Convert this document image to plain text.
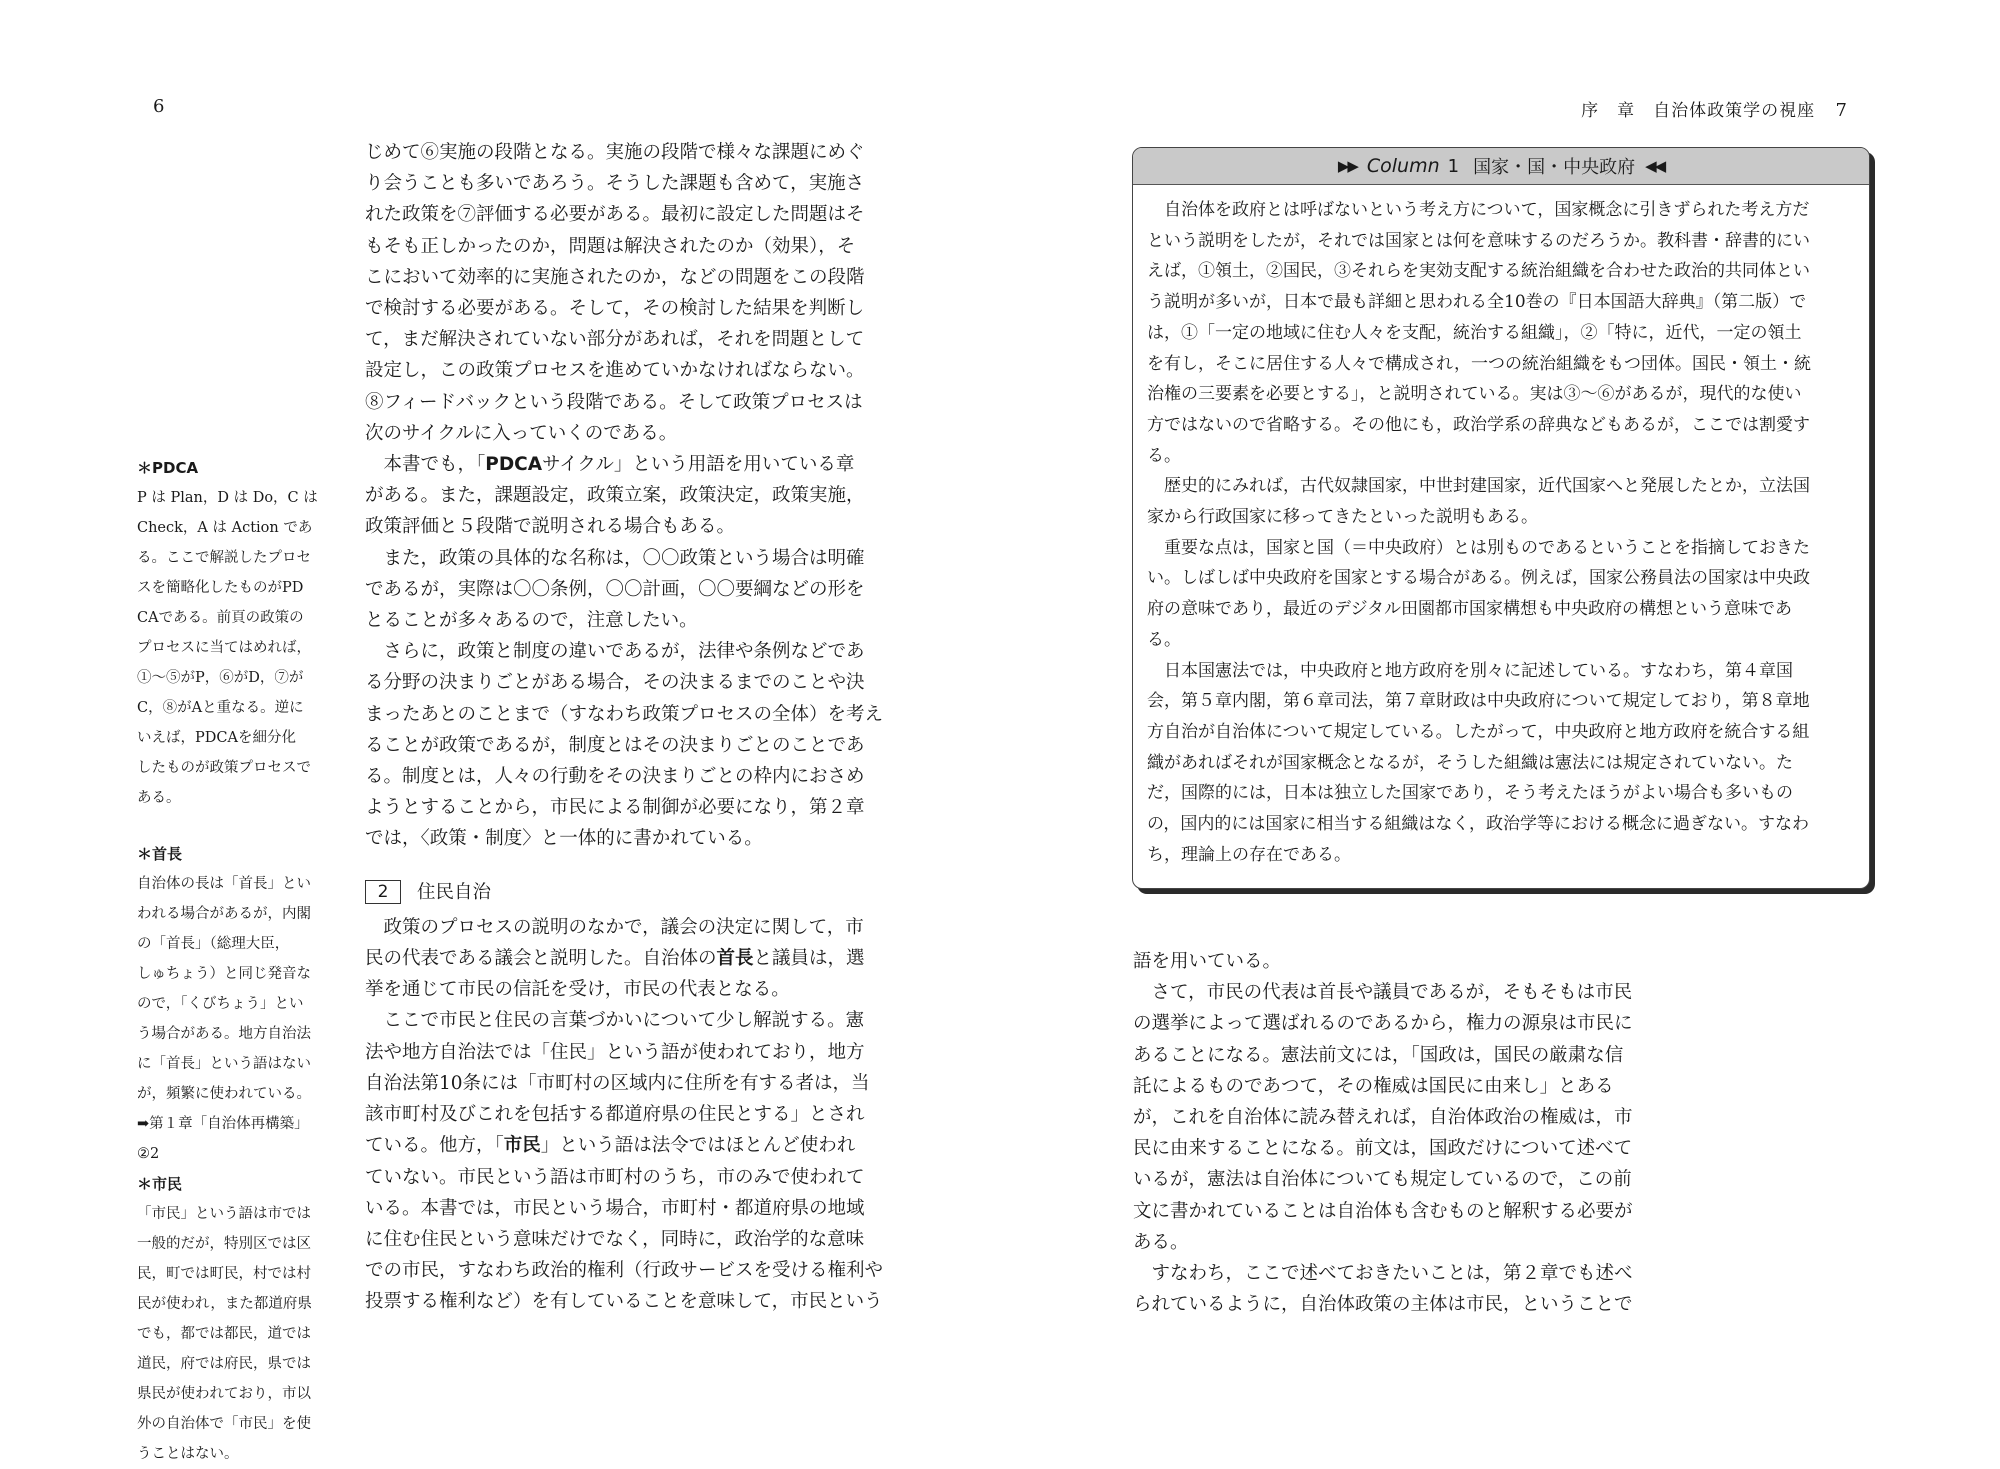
6	序　章　自治体政策学の視座 7
＊PDCA
P は Plan，D は Do，C は
Check，A は Action であ
る。ここで解説したプロセ
スを簡略化したものがPD
CAである。前頁の政策の
プロセスに当てはめれば，
①〜⑤がP，⑥がD，⑦が
C，⑧がAと重なる。逆に
いえば，PDCAを細分化
したものが政策プロセスで
ある。
＊首長
自治体の長は「首長」とい
われる場合があるが，内閣
の「首長」（総理大臣，
しゅちょう）と同じ発音な
ので，「くびちょう」とい
う場合がある。地方自治法
に「首長」という語はない
が，頻繁に使われている。
➡第１章「自治体再構築」
②2
＊市民
「市民」という語は市では
一般的だが，特別区では区
民，町では町民，村では村
民が使われ，また都道府県
でも，都では都民，道では
道民，府では府民，県では
県民が使われており，市以
外の自治体で「市民」を使
うことはない。
じめて⑥実施の段階となる。実施の段階で様々な課題にめぐ
り会うことも多いであろう。そうした課題も含めて，実施さ
れた政策を⑦評価する必要がある。最初に設定した問題はそ
もそも正しかったのか，問題は解決されたのか（効果），そ
こにおいて効率的に実施されたのか，などの問題をこの段階
で検討する必要がある。そして，その検討した結果を判断し
て，まだ解決されていない部分があれば，それを問題として
設定し，この政策プロセスを進めていかなければならない。
⑧フィードバックという段階である。そして政策プロセスは
次のサイクルに入っていくのである。
　本書でも，「PDCAサイクル」という用語を用いている章
がある。また，課題設定，政策立案，政策決定，政策実施，
政策評価と５段階で説明される場合もある。
　また，政策の具体的な名称は，〇〇政策という場合は明確
であるが，実際は〇〇条例，〇〇計画，〇〇要綱などの形を
とることが多々あるので，注意したい。
　さらに，政策と制度の違いであるが，法律や条例などであ
る分野の決まりごとがある場合，その決まるまでのことや決
まったあとのことまで（すなわち政策プロセスの全体）を考え
ることが政策であるが，制度とはその決まりごとのことであ
る。制度とは，人々の行動をその決まりごとの枠内におさめ
ようとすることから，市民による制御が必要になり，第２章
では，〈政策・制度〉と一体的に書かれている。
2	住民自治
　政策のプロセスの説明のなかで，議会の決定に関して，市
民の代表である議会と説明した。自治体の首長と議員は，選
挙を通じて市民の信託を受け，市民の代表となる。
　ここで市民と住民の言葉づかいについて少し解説する。憲
法や地方自治法では「住民」という語が使われており，地方
自治法第10条には「市町村の区域内に住所を有する者は，当
該市町村及びこれを包括する都道府県の住民とする」とされ
ている。他方，「市民」という語は法令ではほとんど使われ
ていない。市民という語は市町村のうち，市のみで使われて
いる。本書では，市民という場合，市町村・都道府県の地域
に住む住民という意味だけでなく，同時に，政治学的な意味
での市民，すなわち政治的権利（行政サービスを受ける権利や
投票する権利など）を有していることを意味して，市民という
▶▶ Column 1 国家・国・中央政府 ◀◀
　自治体を政府とは呼ばないという考え方について，国家概念に引きずられた考え方だ
という説明をしたが，それでは国家とは何を意味するのだろうか。教科書・辞書的にい
えば，①領土，②国民，③それらを実効支配する統治組織を合わせた政治的共同体とい
う説明が多いが，日本で最も詳細と思われる全10巻の『日本国語大辞典』（第二版）で
は，①「一定の地域に住む人々を支配，統治する組織」，②「特に，近代，一定の領土
を有し，そこに居住する人々で構成され，一つの統治組織をもつ団体。国民・領土・統
治権の三要素を必要とする」，と説明されている。実は③〜⑥があるが，現代的な使い
方ではないので省略する。その他にも，政治学系の辞典などもあるが，ここでは割愛す
る。
　歴史的にみれば，古代奴隷国家，中世封建国家，近代国家へと発展したとか，立法国
家から行政国家に移ってきたといった説明もある。
　重要な点は，国家と国（＝中央政府）とは別ものであるということを指摘しておきた
い。しばしば中央政府を国家とする場合がある。例えば，国家公務員法の国家は中央政
府の意味であり，最近のデジタル田園都市国家構想も中央政府の構想という意味であ
る。
　日本国憲法では，中央政府と地方政府を別々に記述している。すなわち，第４章国
会，第５章内閣，第６章司法，第７章財政は中央政府について規定しており，第８章地
方自治が自治体について規定している。したがって，中央政府と地方政府を統合する組
織があればそれが国家概念となるが，そうした組織は憲法には規定されていない。た
だ，国際的には，日本は独立した国家であり，そう考えたほうがよい場合も多いもの
の，国内的には国家に相当する組織はなく，政治学等における概念に過ぎない。すなわ
ち，理論上の存在である。
語を用いている。
　さて，市民の代表は首長や議員であるが，そもそもは市民
の選挙によって選ばれるのであるから，権力の源泉は市民に
あることになる。憲法前文には，「国政は，国民の厳粛な信
託によるものであつて，その権威は国民に由来し」とある
が，これを自治体に読み替えれば，自治体政治の権威は，市
民に由来することになる。前文は，国政だけについて述べて
いるが，憲法は自治体についても規定しているので，この前
文に書かれていることは自治体も含むものと解釈する必要が
ある。
　すなわち，ここで述べておきたいことは，第２章でも述べ
られているように，自治体政策の主体は市民，ということで
